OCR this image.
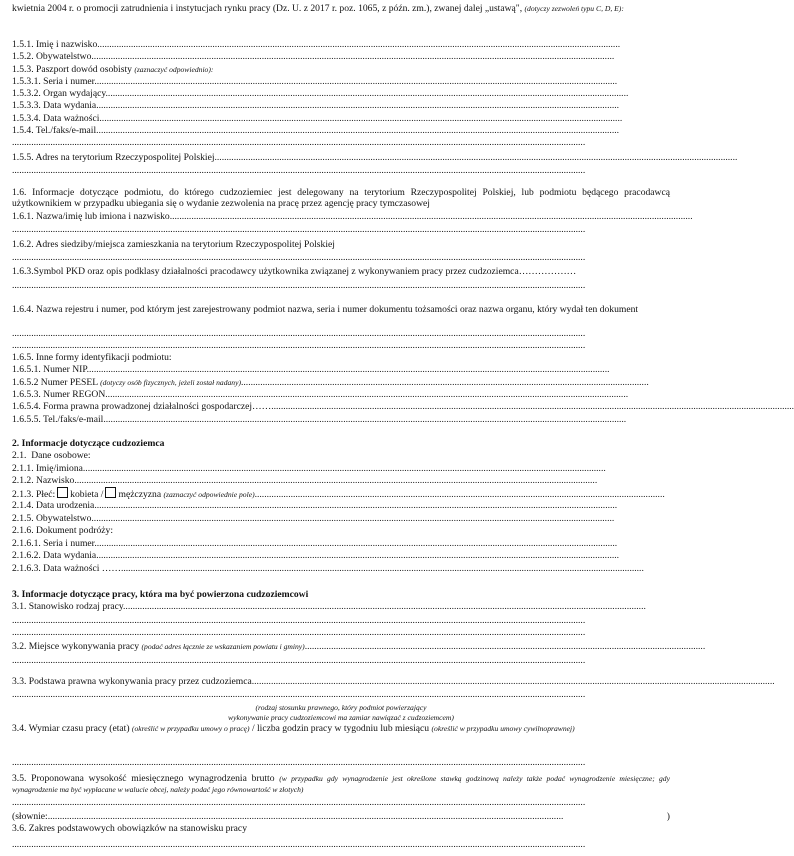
kwietnia 2004 r. o promocji zatrudnienia i instytucjach rynku pracy (Dz. U. z 2017 r. poz. 1065, z późn. zm.), zwanej dalej „ustawą", (dotyczy zezwoleń typu C, D, E):
1.5.1. Imię i nazwisko..........................................................................................................................................................................................................................
1.5.2. Obywatelstwo..........................................................................................................................................................................................................................
1.5.3. Paszport dowód osobisty (zaznaczyć odpowiednio):
1.5.3.1. Seria i numer..........................................................................................................................................................................................................................
1.5.3.2. Organ wydający..........................................................................................................................................................................................................................
1.5.3.3. Data wydania..........................................................................................................................................................................................................................
1.5.3.4. Data ważności..........................................................................................................................................................................................................................
1.5.4. Tel./faks/e-mail..........................................................................................................................................................................................................................
...............................................................................................................................................................................................................................................
1.5.5. Adres na terytorium Rzeczypospolitej Polskiej..........................................................................................................................................................................................................................
...............................................................................................................................................................................................................................................
1.6. Informacje dotyczące podmiotu, do którego cudzoziemiec jest delegowany na terytorium Rzeczypospolitej Polskiej, lub podmiotu będącego pracodawcą użytkownikiem w przypadku ubiegania się o wydanie zezwolenia na pracę przez agencję pracy tymczasowej
1.6.1. Nazwa/imię lub imiona i nazwisko..........................................................................................................................................................................................................................
...............................................................................................................................................................................................................................................
1.6.2. Adres siedziby/miejsca zamieszkania na terytorium Rzeczypospolitej Polskiej
...............................................................................................................................................................................................................................................
1.6.3.Symbol PKD oraz opis podklasy działalności pracodawcy użytkownika związanej z wykonywaniem pracy przez cudzoziemca………………
...............................................................................................................................................................................................................................................
1.6.4. Nazwa rejestru i numer, pod którym jest zarejestrowany podmiot nazwa, seria i numer dokumentu tożsamości oraz nazwa organu, który wydał ten dokument
...............................................................................................................................................................................................................................................
...............................................................................................................................................................................................................................................
1.6.5. Inne formy identyfikacji podmiotu:
1.6.5.1. Numer NIP..........................................................................................................................................................................................................................
1.6.5.2 Numer PESEL (dotyczy osób fizycznych, jeżeli został nadany)..........................................................................................................................................................................
1.6.5.3. Numer REGON..........................................................................................................................................................................................................................
1.6.5.4. Forma prawna prowadzonej działalności gospodarczej……..........................................................................................................................................................................................................................
1.6.5.5. Tel./faks/e-mail..........................................................................................................................................................................................................................
2. Informacje dotyczące cudzoziemca
2.1.  Dane osobowe:
2.1.1. Imię/imiona..........................................................................................................................................................................................................................
2.1.2. Nazwisko..........................................................................................................................................................................................................................
2.1.3. Płeć: kobieta / mężczyzna (zaznaczyć odpowiednie pole)...........................................................................................................................................................................
2.1.4. Data urodzenia..........................................................................................................................................................................................................................
2.1.5. Obywatelstwo..........................................................................................................................................................................................................................
2.1.6. Dokument podróży:
2.1.6.1. Seria i numer..........................................................................................................................................................................................................................
2.1.6.2. Data wydania..........................................................................................................................................................................................................................
2.1.6.3. Data ważności ……..........................................................................................................................................................................................................................
3. Informacje dotyczące pracy, która ma być powierzona cudzoziemcowi
3.1. Stanowisko rodzaj pracy..........................................................................................................................................................................................................................
...............................................................................................................................................................................................................................................
...............................................................................................................................................................................................................................................
3.2. Miejsce wykonywania pracy (podać adres łącznie ze wskazaniem powiatu i gminy).......................................................................................................................................................................
...............................................................................................................................................................................................................................................
3.3. Podstawa prawna wykonywania pracy przez cudzoziemca..........................................................................................................................................................................................................................
...............................................................................................................................................................................................................................................
(rodzaj stosunku prawnego, który podmiot powierzający
wykonywanie pracy cudzoziemcowi ma zamiar nawiązać z cudzoziemcem)
3.4. Wymiar czasu pracy (etat) (określić w przypadku umowy o pracę) / liczba godzin pracy w tygodniu lub miesiącu (określić w przypadku umowy cywilnoprawnej)
...............................................................................................................................................................................................................................................
3.5. Proponowana wysokość miesięcznego wynagrodzenia brutto (w przypadku gdy wynagrodzenie jest określone stawką godzinową należy także podać wynagrodzenie miesięczne; gdy wynagrodzenie ma być wypłacane w walucie obcej, należy podać jego równowartość w złotych)
...............................................................................................................................................................................................................................................
(słownie:.......................................................................................................................................................................................................................	)
3.6. Zakres podstawowych obowiązków na stanowisku pracy
...............................................................................................................................................................................................................................................
